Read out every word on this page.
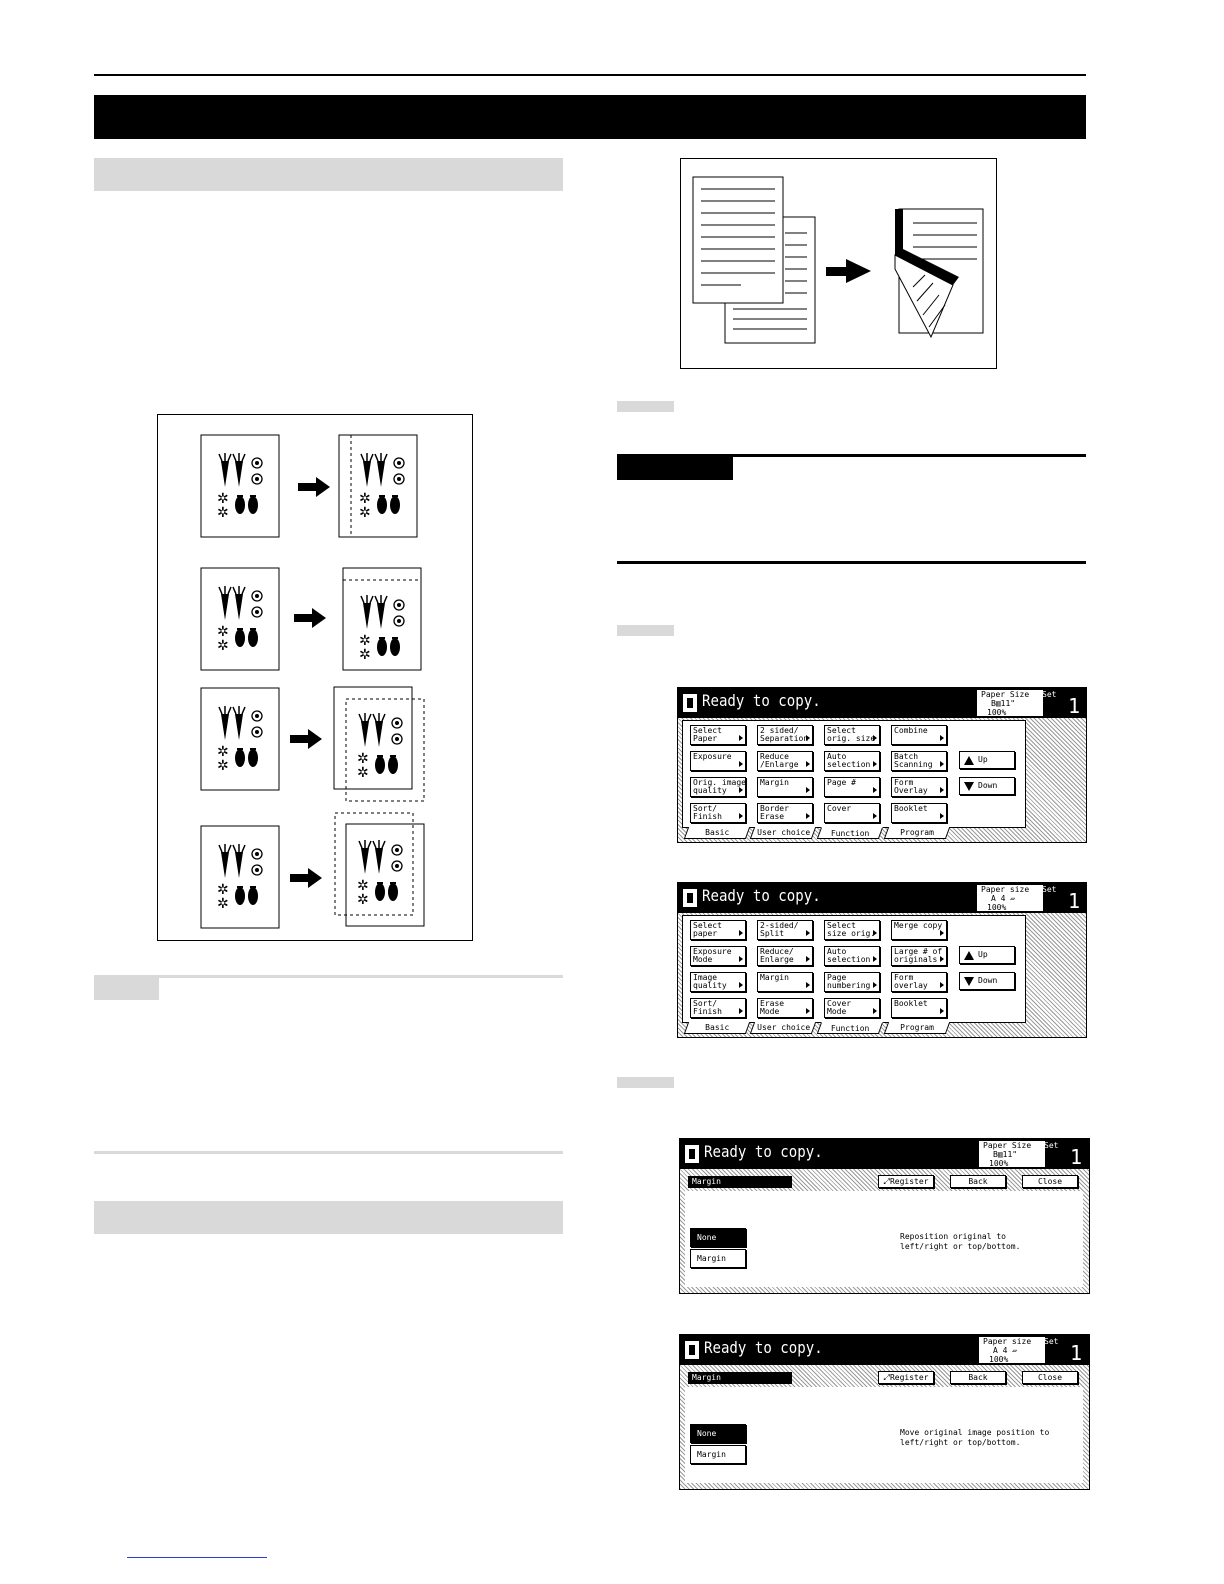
✲
✲
Ready to copy.	Paper Size
B▥11"
100%
Set 1
Select
Paper
2 sided/
Separation
Select
orig. size
Combine
Exposure	Reduce
/Enlarge
Auto
selection
Batch
Scanning
Orig. image
quality
Margin	Page #	Form
Overlay
Sort/
Finish
Border
Erase
Cover	Booklet
Up
Down
Basic	User choice	Function	Program
Ready to copy.	Paper size
A 4 ▱
100%
Set 1
Select
paper
2-sided/
Split
Select
size orig.
Merge copy
Exposure
Mode
Reduce/
Enlarge
Auto
selection
Large # of
originals
Image
quality
Margin	Page
numbering
Form
overlay
Sort/
Finish
Erase
Mode
Cover
Mode
Booklet
Up
Down
Basic	User choice	Function	Program
Ready to copy.	Paper Size
B▥11"
100%
Set 1
Margin	⤢Register	Back	Close
None
Margin
Reposition original to
left/right or top/bottom.
Ready to copy.	Paper size
A 4 ▱
100%
Set 1
Margin	⤢Register	Back	Close
None
Margin
Move original image position to
left/right or top/bottom.
